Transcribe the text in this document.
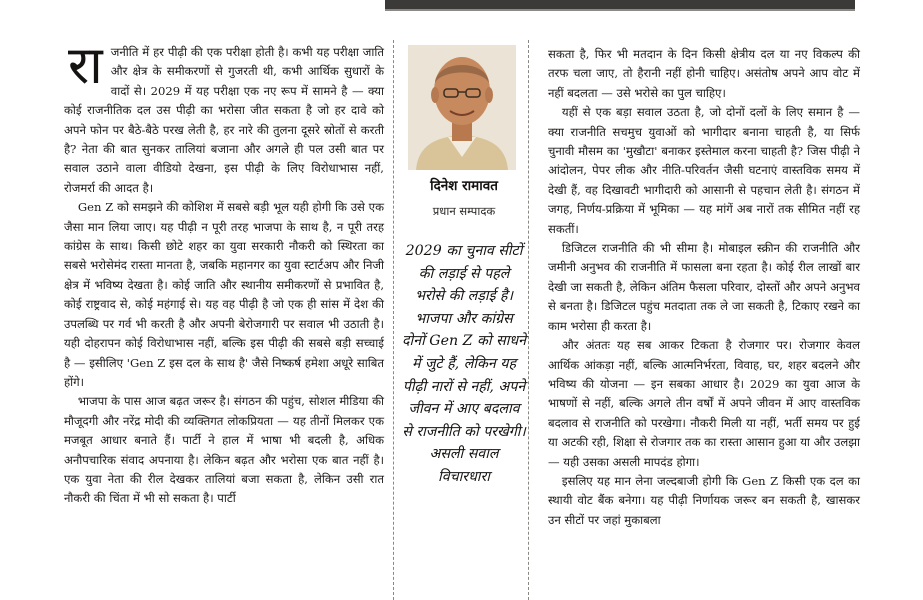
राजनीति में हर पीढ़ी की एक परीक्षा होती है। कभी यह परीक्षा जाति और क्षेत्र के समीकरणों से गुजरती थी, कभी आर्थिक सुधारों के वादों से। 2029 में यह परीक्षा एक नए रूप में सामने है — क्या कोई राजनीतिक दल उस पीढ़ी का भरोसा जीत सकता है जो हर दावे को अपने फोन पर बैठे-बैठे परख लेती है, हर नारे की तुलना दूसरे स्रोतों से करती है? नेता की बात सुनकर तालियां बजाना और अगले ही पल उसी बात पर सवाल उठाने वाला वीडियो देखना, इस पीढ़ी के लिए विरोधाभास नहीं, रोजमर्रा की आदत है।

Gen Z को समझने की कोशिश में सबसे बड़ी भूल यही होगी कि उसे एक जैसा मान लिया जाए। यह पीढ़ी न पूरी तरह भाजपा के साथ है, न पूरी तरह कांग्रेस के साथ। किसी छोटे शहर का युवा सरकारी नौकरी को स्थिरता का सबसे भरोसेमंद रास्ता मानता है, जबकि महानगर का युवा स्टार्टअप और निजी क्षेत्र में भविष्य देखता है। कोई जाति और स्थानीय समीकरणों से प्रभावित है, कोई राष्ट्रवाद से, कोई महंगाई से। यह वह पीढ़ी है जो एक ही सांस में देश की उपलब्धि पर गर्व भी करती है और अपनी बेरोजगारी पर सवाल भी उठाती है। यही दोहरापन कोई विरोधाभास नहीं, बल्कि इस पीढ़ी की सबसे बड़ी सच्चाई है — इसीलिए 'Gen Z इस दल के साथ है' जैसे निष्कर्ष हमेशा अधूरे साबित होंगे।

भाजपा के पास आज बढ़त जरूर है। संगठन की पहुंच, सोशल मीडिया की मौजूदगी और नरेंद्र मोदी की व्यक्तिगत लोकप्रियता — यह तीनों मिलकर एक मजबूत आधार बनाते हैं। पार्टी ने हाल में भाषा भी बदली है, अधिक अनौपचारिक संवाद अपनाया है। लेकिन बढ़त और भरोसा एक बात नहीं है। एक युवा नेता की रील देखकर तालियां बजा सकता है, लेकिन उसी रात नौकरी की चिंता में भी सो सकता है। पार्टी

दिनेश रामावत
प्रधान सम्पादक
2029 का चुनाव सीटों की लड़ाई से पहले भरोसे की लड़ाई है। भाजपा और कांग्रेस दोनों Gen Z को साधने में जुटे हैं, लेकिन यह पीढ़ी नारों से नहीं, अपने जीवन में आए बदलाव से राजनीति को परखेगी। असली सवाल विचारधारा

सकता है, फिर भी मतदान के दिन किसी क्षेत्रीय दल या नए विकल्प की तरफ चला जाए, तो हैरानी नहीं होनी चाहिए। असंतोष अपने आप वोट में नहीं बदलता — उसे भरोसे का पुल चाहिए।

यहीं से एक बड़ा सवाल उठता है, जो दोनों दलों के लिए समान है — क्या राजनीति सचमुच युवाओं को भागीदार बनाना चाहती है, या सिर्फ चुनावी मौसम का 'मुखौटा' बनाकर इस्तेमाल करना चाहती है? जिस पीढ़ी ने आंदोलन, पेपर लीक और नीति-परिवर्तन जैसी घटनाएं वास्तविक समय में देखी हैं, वह दिखावटी भागीदारी को आसानी से पहचान लेती है। संगठन में जगह, निर्णय-प्रक्रिया में भूमिका — यह मांगें अब नारों तक सीमित नहीं रह सकतीं।

डिजिटल राजनीति की भी सीमा है। मोबाइल स्क्रीन की राजनीति और जमीनी अनुभव की राजनीति में फासला बना रहता है। कोई रील लाखों बार देखी जा सकती है, लेकिन अंतिम फैसला परिवार, दोस्तों और अपने अनुभव से बनता है। डिजिटल पहुंच मतदाता तक ले जा सकती है, टिकाए रखने का काम भरोसा ही करता है।

और अंततः यह सब आकर टिकता है रोजगार पर। रोजगार केवल आर्थिक आंकड़ा नहीं, बल्कि आत्मनिर्भरता, विवाह, घर, शहर बदलने और भविष्य की योजना — इन सबका आधार है। 2029 का युवा आज के भाषणों से नहीं, बल्कि अगले तीन वर्षों में अपने जीवन में आए वास्तविक बदलाव से राजनीति को परखेगा। नौकरी मिली या नहीं, भर्ती समय पर हुई या अटकी रही, शिक्षा से रोजगार तक का रास्ता आसान हुआ या और उलझा — यही उसका असली मापदंड होगा।

इसलिए यह मान लेना जल्दबाजी होगी कि Gen Z किसी एक दल का स्थायी वोट बैंक बनेगा। यह पीढ़ी निर्णायक जरूर बन सकती है, खासकर उन सीटों पर जहां मुकाबला
